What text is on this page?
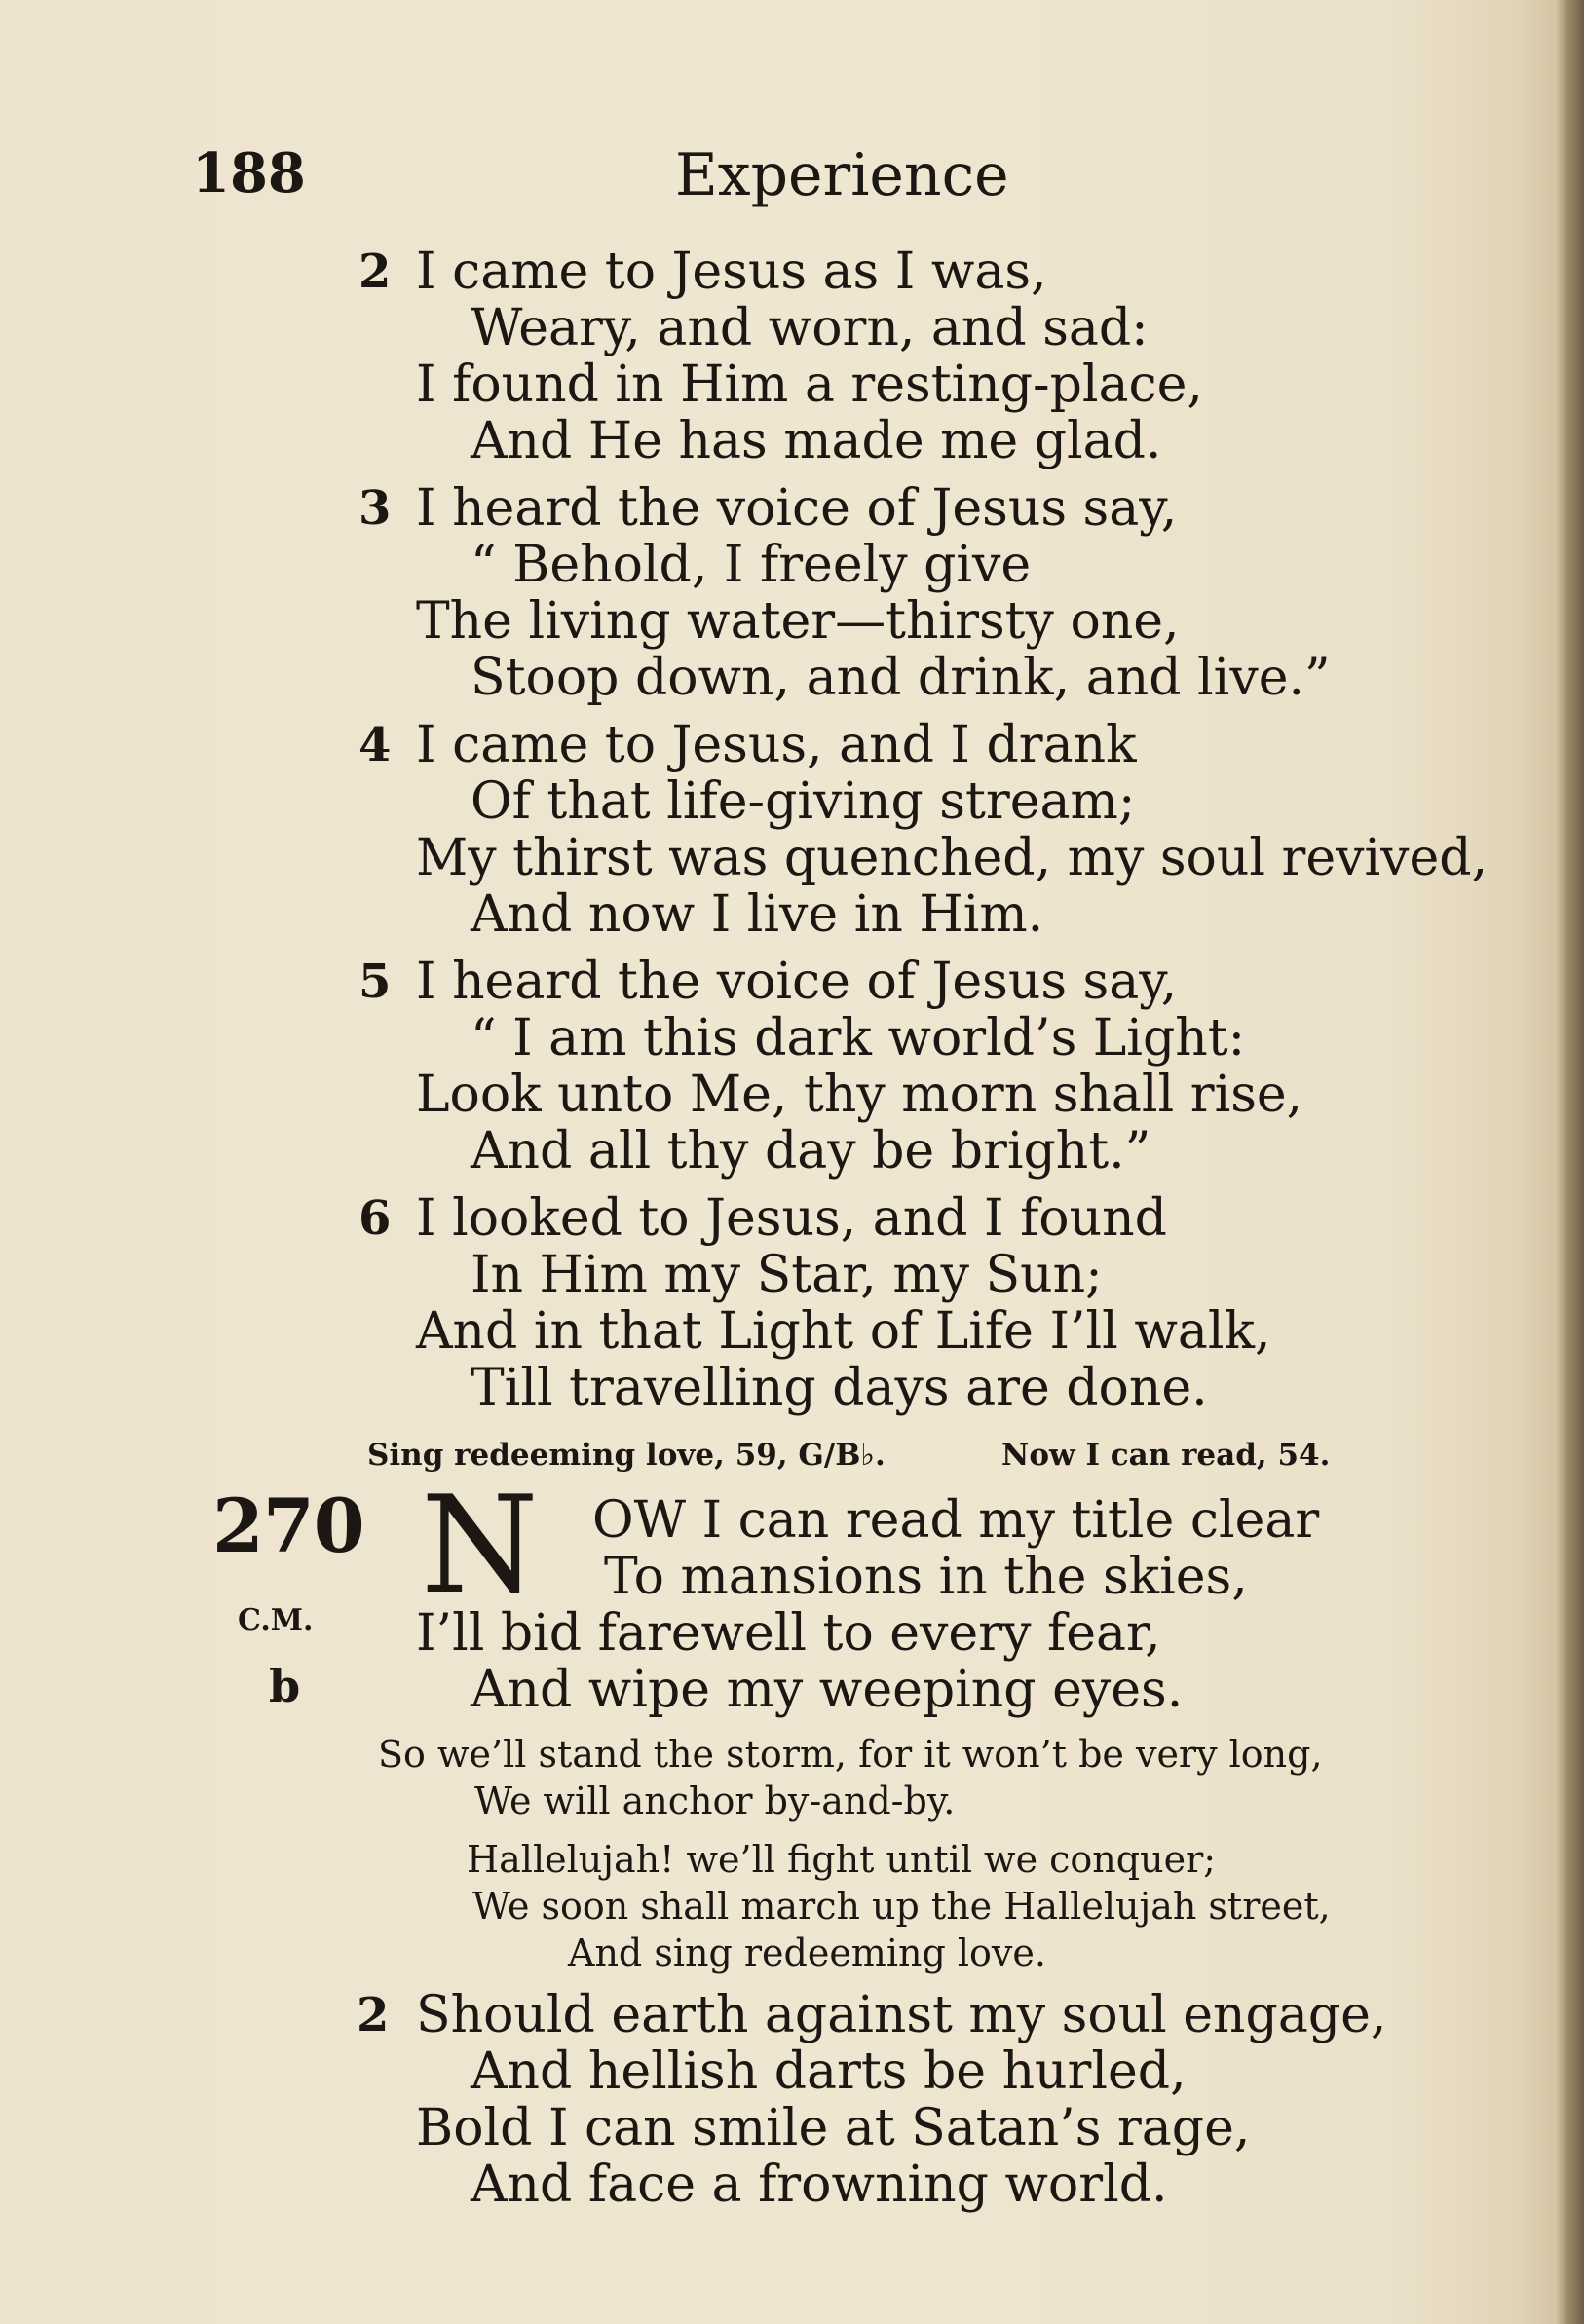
188	Experience
2 I came to Jesus as I was,
Weary, and worn, and sad:
I found in Him a resting-place,
And He has made me glad.
3 I heard the voice of Jesus say,
“ Behold, I freely give
The living water—thirsty one,
Stoop down, and drink, and live.”
4 I came to Jesus, and I drank
Of that life-giving stream;
My thirst was quenched, my soul revived,
And now I live in Him.
5 I heard the voice of Jesus say,
“ I am this dark world’s Light:
Look unto Me, thy morn shall rise,
And all thy day be bright.”
6 I looked to Jesus, and I found
In Him my Star, my Sun;
And in that Light of Life I’ll walk,
Till travelling days are done.
Sing redeeming love, 59, G/B♭.	Now I can read, 54.
270
C.M.
b
N OW I can read my title clear
To mansions in the skies,
I’ll bid farewell to every fear,
And wipe my weeping eyes.
So we’ll stand the storm, for it won’t be very long,
We will anchor by-and-by.
Hallelujah! we’ll fight until we conquer;
We soon shall march up the Hallelujah street,
And sing redeeming love.
2 Should earth against my soul engage,
And hellish darts be hurled,
Bold I can smile at Satan’s rage,
And face a frowning world.
